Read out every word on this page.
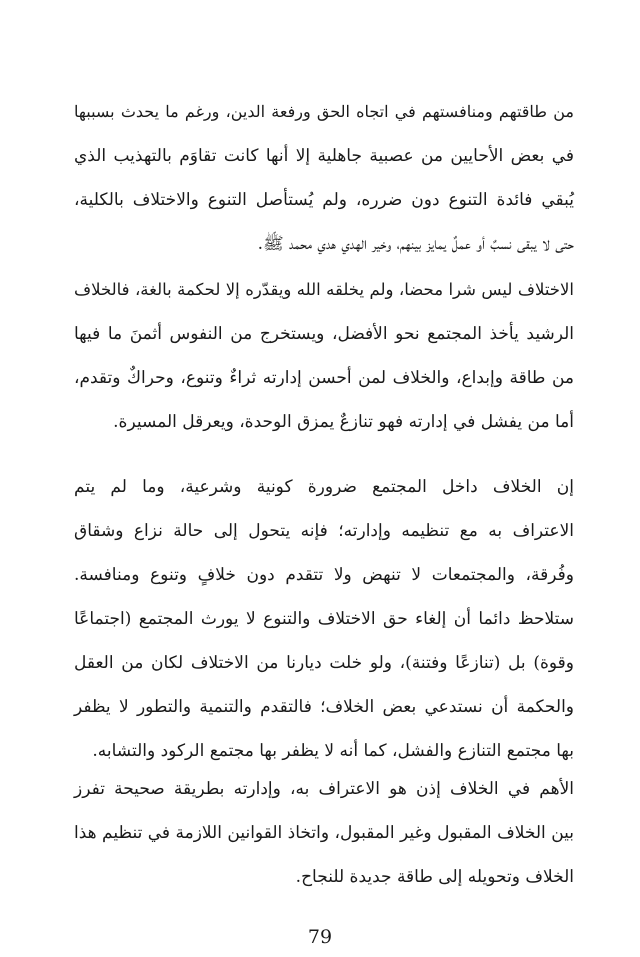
من طاقتهم ومنافستهم في اتجاه الحق ورفعة الدين، ورغم ما يحدث بسببها
في بعض الأحايين من عصبية جاهلية إلا أنها كانت تقاوَم بالتهذيب الذي
يُبقي فائدة التنوع دون ضرره، ولم يُستأصل التنوع والاختلاف بالكلية،
حتى لا يبقى نسبٌ أو عملٌ يمايز بينهم، وخير الهدي هدي محمد ﷺ.
الاختلاف ليس شرا محضا، ولم يخلقه الله ويقدّره إلا لحكمة بالغة، فالخلاف
الرشيد يأخذ المجتمع نحو الأفضل، ويستخرج من النفوس أثمنَ ما فيها
من طاقة وإبداع، والخلاف لمن أحسن إدارته ثراءٌ وتنوع، وحراكٌ وتقدم،
أما من يفشل في إدارته فهو تنازعٌ يمزق الوحدة، ويعرقل المسيرة.
إن الخلاف داخل المجتمع ضرورة كونية وشرعية، وما لم يتم
الاعتراف به مع تنظيمه وإدارته؛ فإنه يتحول إلى حالة نزاع وشقاق
وفُرقة، والمجتمعات لا تنهض ولا تتقدم دون خلافٍ وتنوع ومنافسة.
ستلاحظ دائما أن إلغاء حق الاختلاف والتنوع لا يورث المجتمع (اجتماعًا
وقوة) بل (تنازعًا وفتنة)، ولو خلت ديارنا من الاختلاف لكان من العقل
والحكمة أن نستدعي بعض الخلاف؛ فالتقدم والتنمية والتطور لا يظفر
بها مجتمع التنازع والفشل، كما أنه لا يظفر بها مجتمع الركود والتشابه.
الأهم في الخلاف إذن هو الاعتراف به، وإدارته بطريقة صحيحة تفرز
بين الخلاف المقبول وغير المقبول، واتخاذ القوانين اللازمة في تنظيم هذا
الخلاف وتحويله إلى طاقة جديدة للنجاح.
79
